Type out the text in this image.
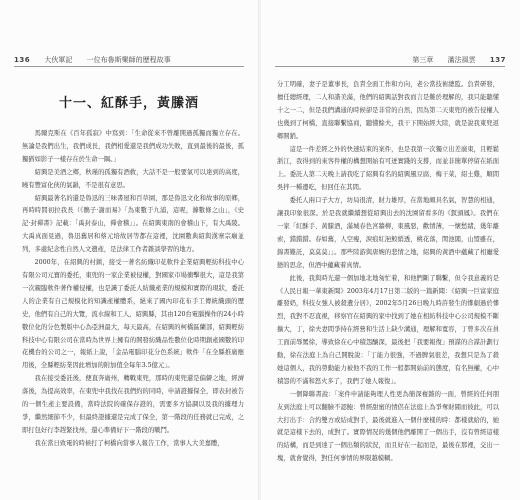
136 大伙軍記 一位布魯斯樂師的歷程故事
十一、紅酥手，黃縢酒

馬爾克斯在《百年孤寂》中寫到：「生命從來不曾離開過孤獨而獨立存在。無論是我們出生，我們成長，我們相愛還是我們成功失敗，直到最後的最後，孤獨猶如影子一樣存在於生命一隅。」

紹興是美酒之鄉，秋瑾的孤獨有酒救，大話不是一般要氣可以達到的高度，曉有豐富化俠的氣韻，不是很有意思。

紹興最著名的還是魯迅的三味書屋和百草園，那是魯迅文化和故事的原鄉，再時時間初拉我長（《鶻子·謝而易》「為東數于九浦，這呢，滌數條之山」，《史記·封禪書》記載：「禹封泰山，禪會稽」」。在紹興東南的會稽山下，有大禹陵。大禹真面見過，魯迅舊居和蔡元培故居等都在這裡，沈園數典紹與漢寨宗廟並列，多處紀念性自然人文遺產，是法律工作者雜談學習的地方。

2000年，在紹興的村鎮，接受一著名紡織印花軟件企業紹興輕紡科技中心有限公司元寶的委托，東兜的一家企業被侵權，對國家市場衝擊很大，這是我第一次親臨軟件著作權侵權，也是識了委託人紡織產業的規模和實際的現狀，委託人的企業有自己規模化的知識產權體系，絕來了國內印花布手工傳統織頭的歷史，他們有自己的大覽，流水線和工人，紹興縣，其由120台電腦操作的24小時數位化的分色製版中心為亞洲最大，每天最高，在紹興的柯橋區蘭部，紹興輕紡科技中心有限公司在當時為世界上擁有的開發紡織品性數位化時期創產國數的印花機台的公司之一，報紙上說，「金品電腦印花分色系統」軟件「在全縣推廣應用後，全縣輕紡業因此增加的附加值全每年3.5億元」。

我在接受委託後，便直奔廣州，轉戰東兜，那時的東兜還是偏僻之地，經濟落後，為提高效率，在東兜中我找在我們約的同時，申請證據保全，即表封被告的一個生產主要設備，當時法院的確保存證的，需要多方協調以及我的據理力爭，繼然細節不少，但最終證據還是完成了保全，第一階段的任務就已完成，之即打包好行李趕緊找州，還心準備好下一階段的戰鬥。

我在當日致電的時候打了柯橋向當事人報告工作，當事人大美嘉體，

第三章 滿法風雲 137

分工明確，妻子是董事長，負責全面工作和方向，老公當技術總監。負責研發，擅任總經理，二人和諧美滿，他們的紹興話對我而言是難於理解的，我只能聽懂十之一二，但是我們溝通的時候卻是非常的自然，因為第二天東兜的被告侵權人也幾到了柯橋，直接聯繫協商，聽懂餘夫，我干下開始經大陸，就是說我東兜返鄉開銷。

這是一件差經之外的快速結束的案件，也是我第一次獨立出差廣東，且輕鬆浙江，我得到的來客件權的構想開始有可迸實踐的支撐，而並非簡單停留在紙面上。委託人第二天晚上請我吃了紹興有名的紹興風豆腐、梅干菜，紹士雞，順間吳拌一種邊吃，但回任在其間。

委托人兩口子大方，坊局很清，財力雄厚，在當地頗具名氣，智慧的相通，讓我印象很深。於是我就繼續想從紹興出去的沈園留看多的《釵頭鳳》。我們在一家「紅酥手、黃縢酒，滿城春色宮牆柳，東風惡，歡情薄，一懷愁緒，幾年離索，錯錯錯。春如舊，人空瘦，淚痕紅浥鮫綃透，桃花落，閑池閣，山盟雖在，錦書難託，莫莫莫」」。那些陸游與唐婉的悲情之地，紹興的黃酒中蘊藏了相廳愛戀的思念，但酒中蘊藏着真情。

此後，我與時光還一個加地北地匆忙着，和他們斷了聯繫，但令我意義的是《人民日報一華東新聞》2003年4月17日第二版的一篇新聞：《紹興一巨富家庭離發奶，科技女強人被殺遺分居》，2002年5月26日晚九時許發生的慘劇過於慘烈，我對不忍直視，移察官在紹興的家中找到了她在相紡科技中心公司規模不斷擴大，丁，徐夫妻間爭持在經營和生活上缺少溝通，理解和寬容，丁曾多次在員工面前辱罵徐，導致徐在心中積怨釀深，最後把「我要報復」預謀的合謀計劃行動，徐在法庭上為自己開脫說：「丁能力很強，不過脾氣很差，我想只是為了殺她這個人，我的勞動能力被他不我的工作一般都開始前的態度，有名無權，心中積怨的不滿和怒火多了，我們了她人報復」。

一個降聯書說：「案件申請能夠理人性更為簡深複雜的一面，曾經的任何朋友到法庭上可以翻臉不認鮑：曾經甜蜜的情侶在法庭上為爭奪財閥而彼此，可以大打出手：合約雙方或結成對手，最後就進入一個什麼樣的時：都樣就給的，她就是這樣下去的，成對了。實際情况的幾個他們離開了一個出手，沒有曾經這樣的結構，而是到達了一個出類的狀況，而且好在一起而是，最後在那裡，交出一塊，就會覺得，對任何事情的界限越模糊。
